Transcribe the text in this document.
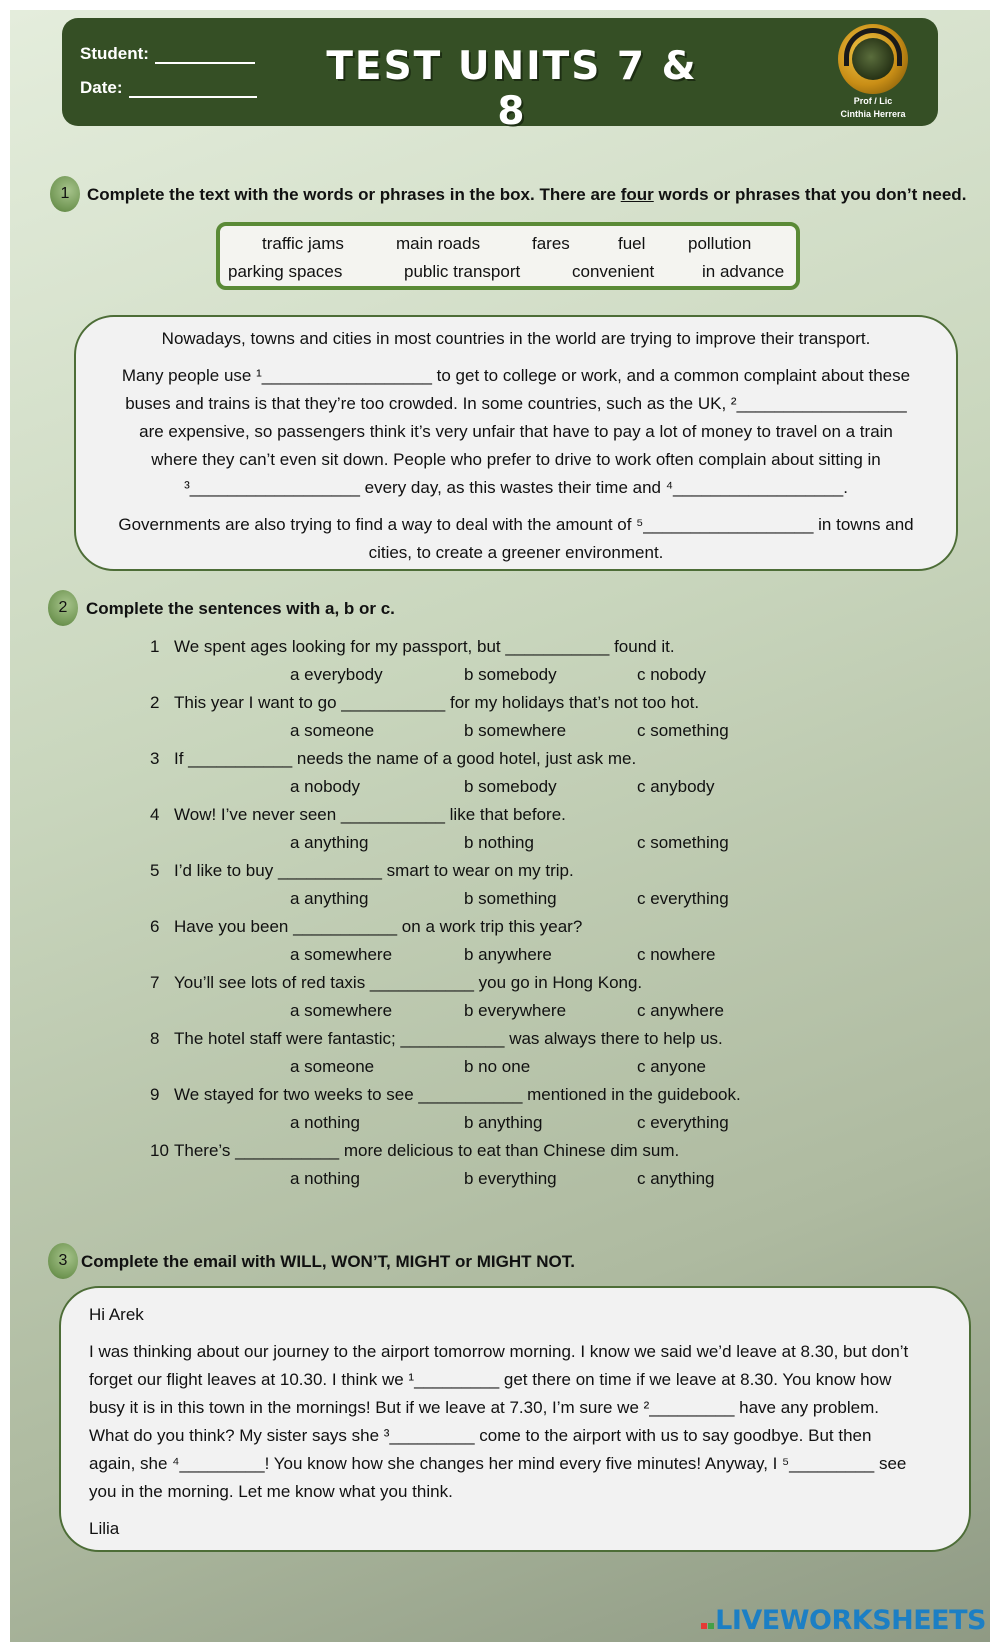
Student:
Date:	TEST UNITS 7 & 8	Prof / Lic
Cinthia Herrera
1	Complete the text with the words or phrases in the box. There are four words or phrases that you don’t need.
traffic jams	main roads	fares	fuel	pollution
parking spaces	public transport	convenient	in advance
Nowadays, towns and cities in most countries in the world are trying to improve their transport.
Many people use ¹__________________ to get to college or work, and a common complaint about these
buses and trains is that they’re too crowded. In some countries, such as the UK, ²__________________
are expensive, so passengers think it’s very unfair that have to pay a lot of money to travel on a train
where they can’t even sit down. People who prefer to drive to work often complain about sitting in
³__________________ every day, as this wastes their time and ⁴__________________.
Governments are also trying to find a way to deal with the amount of ⁵__________________ in towns and
cities, to create a greener environment.
2	Complete the sentences with a, b or c.
1 We spent ages looking for my passport, but ___________ found it.
a everybody	b somebody	c nobody
2 This year I want to go ___________ for my holidays that’s not too hot.
a someone	b somewhere	c something
3 If ___________ needs the name of a good hotel, just ask me.
a nobody	b somebody	c anybody
4 Wow! I’ve never seen ___________ like that before.
a anything	b nothing	c something
5 I’d like to buy ___________ smart to wear on my trip.
a anything	b something	c everything
6 Have you been ___________ on a work trip this year?
a somewhere	b anywhere	c nowhere
7 You’ll see lots of red taxis ___________ you go in Hong Kong.
a somewhere	b everywhere	c anywhere
8 The hotel staff were fantastic; ___________ was always there to help us.
a someone	b no one	c anyone
9 We stayed for two weeks to see ___________ mentioned in the guidebook.
a nothing	b anything	c everything
10 There’s ___________ more delicious to eat than Chinese dim sum.
a nothing	b everything	c anything
3 Complete the email with WILL, WON’T, MIGHT or MIGHT NOT.
Hi Arek
I was thinking about our journey to the airport tomorrow morning. I know we said we’d leave at 8.30, but don’t
forget our flight leaves at 10.30. I think we ¹_________ get there on time if we leave at 8.30. You know how
busy it is in this town in the mornings! But if we leave at 7.30, I’m sure we ²_________ have any problem.
What do you think? My sister says she ³_________ come to the airport with us to say goodbye. But then
again, she ⁴_________! You know how she changes her mind every five minutes! Anyway, I ⁵_________ see
you in the morning. Let me know what you think.
Lilia
LIVEWORKSHEETS
